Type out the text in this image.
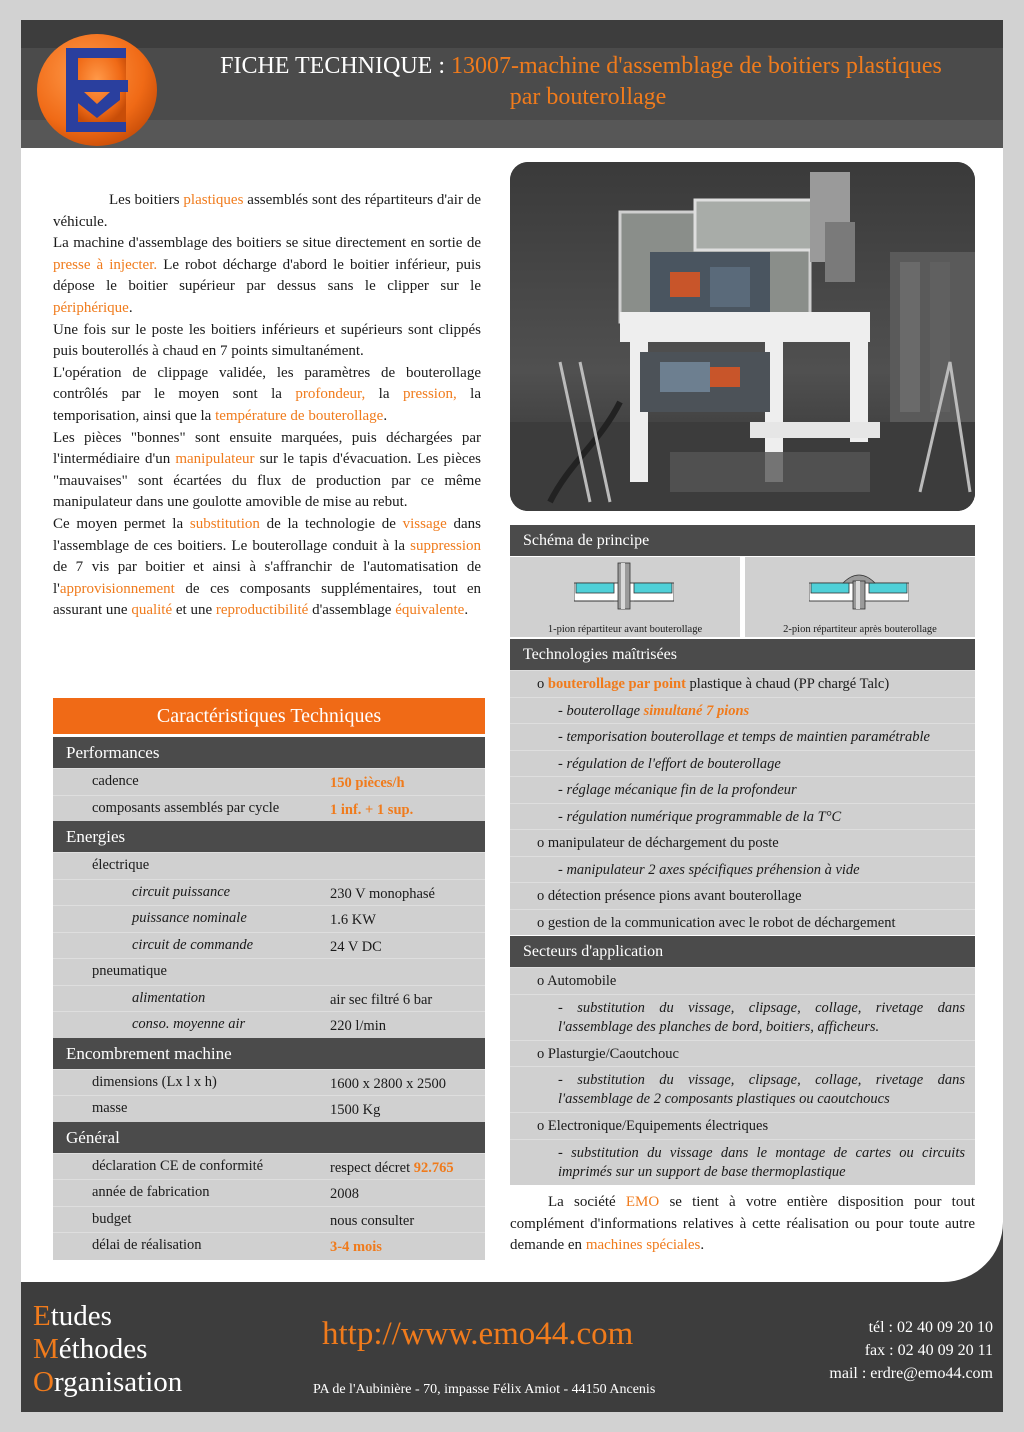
FICHE TECHNIQUE : 13007-machine d'assemblage de boitiers plastiques
par bouterollage

Les boitiers plastiques assemblés sont des répartiteurs d'air de véhicule.

La machine d'assemblage des boitiers se situe directement en sortie de presse à injecter. Le robot décharge d'abord le boitier inférieur, puis dépose le boitier supérieur par dessus sans le clipper sur le périphérique.

Une fois sur le poste les boitiers inférieurs et supérieurs sont clippés puis bouterollés à chaud en 7 points simultanément.

L'opération de clippage validée, les paramètres de bouterollage contrôlés par le moyen sont la profondeur, la pression, la temporisation, ainsi que la température de bouterollage.

Les pièces "bonnes" sont ensuite marquées, puis déchargées par l'intermédiaire d'un manipulateur sur le tapis d'évacuation. Les pièces "mauvaises" sont écartées du flux de production par ce même manipulateur dans une goulotte amovible de mise au rebut.

Ce moyen permet la substitution de la technologie de vissage dans l'assemblage de ces boitiers. Le bouterollage conduit à la suppression de 7 vis par boitier et ainsi à s'affranchir de l'automatisation de l'approvisionnement de ces composants supplémentaires, tout en assurant une qualité et une reproductibilité d'assemblage équivalente.

Caractéristiques Techniques
Performances
cadence	150 pièces/h
composants assemblés par cycle	1 inf. + 1 sup.
Energies
électrique
circuit puissance	230 V monophasé
puissance nominale	1.6 KW
circuit de commande	24 V DC
pneumatique
alimentation	air sec filtré 6 bar
conso. moyenne air	220 l/min
Encombrement machine
dimensions (Lx l x h)	1600 x 2800 x 2500
masse	1500 Kg
Général
déclaration CE de conformité	respect décret 92.765
année de fabrication	2008
budget	nous consulter
délai de réalisation	3-4 mois
Schéma de principe
1-pion répartiteur avant bouterollage	2-pion répartiteur après bouterollage
Technologies maîtrisées
o bouterollage par point plastique à chaud (PP chargé Talc)
- bouterollage simultané 7 pions
- temporisation bouterollage et temps de maintien paramétrable
- régulation de l'effort de bouterollage
- réglage mécanique fin de la profondeur
- régulation numérique programmable de la T°C
o manipulateur de déchargement du poste
- manipulateur 2 axes spécifiques préhension à vide
o détection présence pions avant bouterollage
o gestion de la communication avec le robot de déchargement
Secteurs d'application
o Automobile
- substitution du vissage, clipsage, collage, rivetage dans l'assemblage des planches de bord, boitiers, afficheurs.
o Plasturgie/Caoutchouc
- substitution du vissage, clipsage, collage, rivetage dans l'assemblage de 2 composants plastiques ou caoutchoucs
o Electronique/Equipements électriques
- substitution du vissage dans le montage de cartes ou circuits imprimés sur un support de base thermoplastique

La société EMO se tient à votre entière disposition pour tout complément d'informations relatives à cette réalisation ou pour toute autre demande en machines spéciales.

Etudes
Méthodes
Organisation
http://www.emo44.com
PA de l'Aubinière - 70, impasse Félix Amiot - 44150 Ancenis
tél : 02 40 09 20 10
fax : 02 40 09 20 11
mail : erdre@emo44.com
